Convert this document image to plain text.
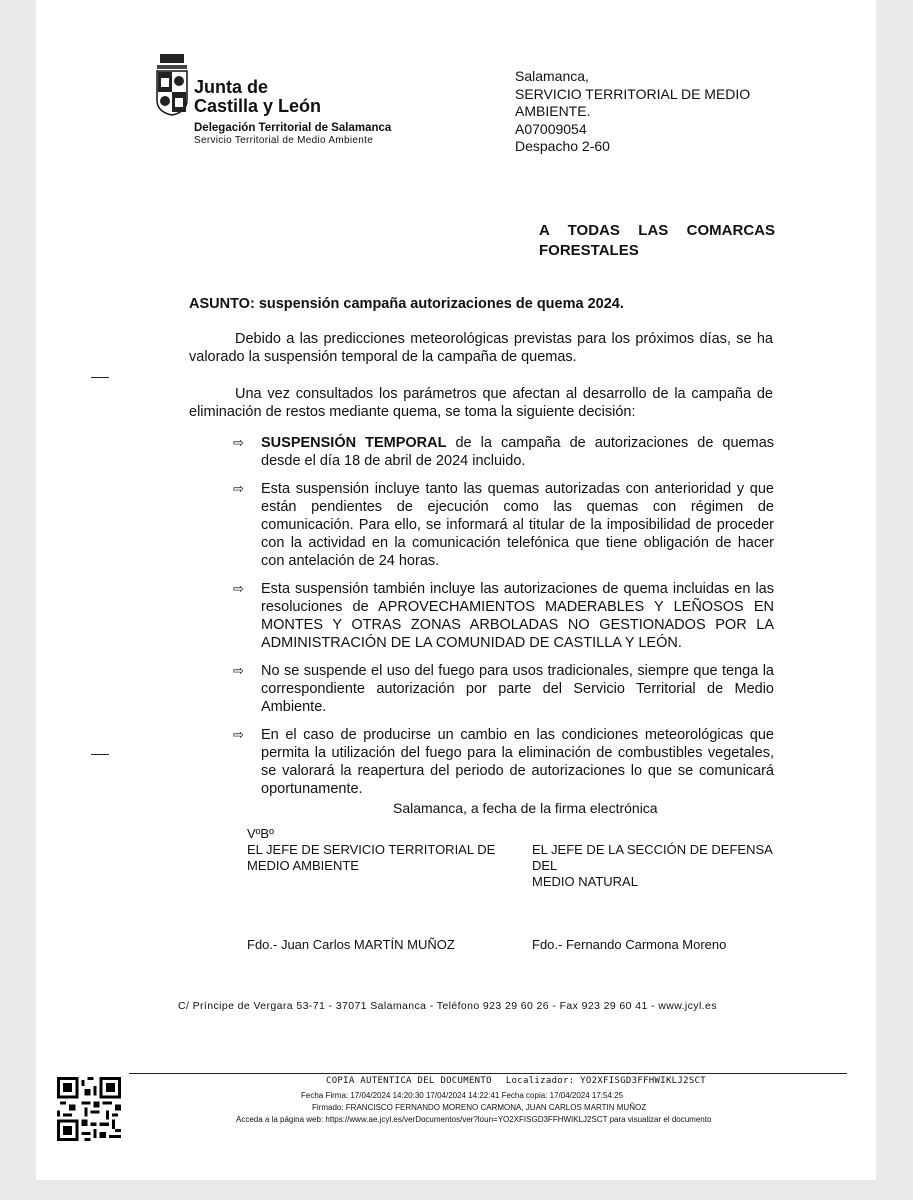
Junta de
Castilla y León
Delegación Territorial de Salamanca
Servicio Territorial de Medio Ambiente
Salamanca,
SERVICIO TERRITORIAL DE MEDIO
AMBIENTE.
A07009054
Despacho 2-60
A TODAS LAS COMARCAS FORESTALES
ASUNTO: suspensión campaña autorizaciones de quema 2024.
Debido a las predicciones meteorológicas previstas para los próximos días, se ha valorado la suspensión temporal de la campaña de quemas.
Una vez consultados los parámetros que afectan al desarrollo de la campaña de eliminación de restos mediante quema, se toma la siguiente decisión:
⇨ SUSPENSIÓN TEMPORAL de la campaña de autorizaciones de quemas desde el día 18 de abril de 2024 incluido.
⇨ Esta suspensión incluye tanto las quemas autorizadas con anterioridad y que están pendientes de ejecución como las quemas con régimen de comunicación. Para ello, se informará al titular de la imposibilidad de proceder con la actividad en la comunicación telefónica que tiene obligación de hacer con antelación de 24 horas.
⇨ Esta suspensión también incluye las autorizaciones de quema incluidas en las resoluciones de APROVECHAMIENTOS MADERABLES Y LEÑOSOS EN MONTES Y OTRAS ZONAS ARBOLADAS NO GESTIONADOS POR LA ADMINISTRACIÓN DE LA COMUNIDAD DE CASTILLA Y LEÓN.
⇨ No se suspende el uso del fuego para usos tradicionales, siempre que tenga la correspondiente autorización por parte del Servicio Territorial de Medio Ambiente.
⇨ En el caso de producirse un cambio en las condiciones meteorológicas que permita la utilización del fuego para la eliminación de combustibles vegetales, se valorará la reapertura del periodo de autorizaciones lo que se comunicará oportunamente.
Salamanca, a fecha de la firma electrónica
VºBº
EL JEFE DE SERVICIO TERRITORIAL DE
MEDIO AMBIENTE
EL JEFE DE LA SECCIÓN DE DEFENSA
DEL
MEDIO NATURAL
Fdo.- Juan Carlos MARTÍN MUÑOZ	Fdo.- Fernando Carmona Moreno
C/ Príncipe de Vergara 53-71 - 37071 Salamanca - Teléfono 923 29 60 26 - Fax 923 29 60 41 - www.jcyl.es
COPIA AUTENTICA DEL DOCUMENTO Localizador: YO2XFISGD3FFHWIKLJ2SCT
Fecha Firma: 17/04/2024 14:20:30 17/04/2024 14:22:41 Fecha copia: 17/04/2024 17:54:25
Firmado: FRANCISCO FERNANDO MORENO CARMONA, JUAN CARLOS MARTIN MUÑOZ
Acceda a la página web: https://www.ae.jcyl.es/verDocumentos/ver?loun=YO2XFISGD3FFHWIKLJ2SCT para visualizar el documento
